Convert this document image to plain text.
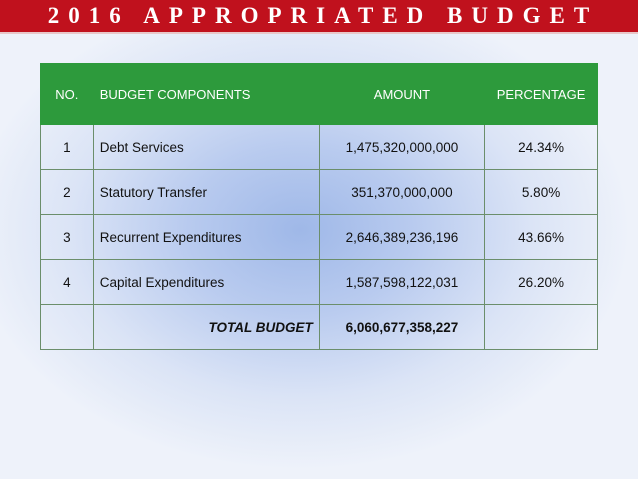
2016 APPROPRIATED BUDGET
NO.	BUDGET COMPONENTS	AMOUNT	PERCENTAGE
1	Debt Services	1,475,320,000,000	24.34%
2	Statutory Transfer	351,370,000,000	5.80%
3	Recurrent Expenditures	2,646,389,236,196	43.66%
4	Capital Expenditures	1,587,598,122,031	26.20%
	TOTAL BUDGET	6,060,677,358,227	
